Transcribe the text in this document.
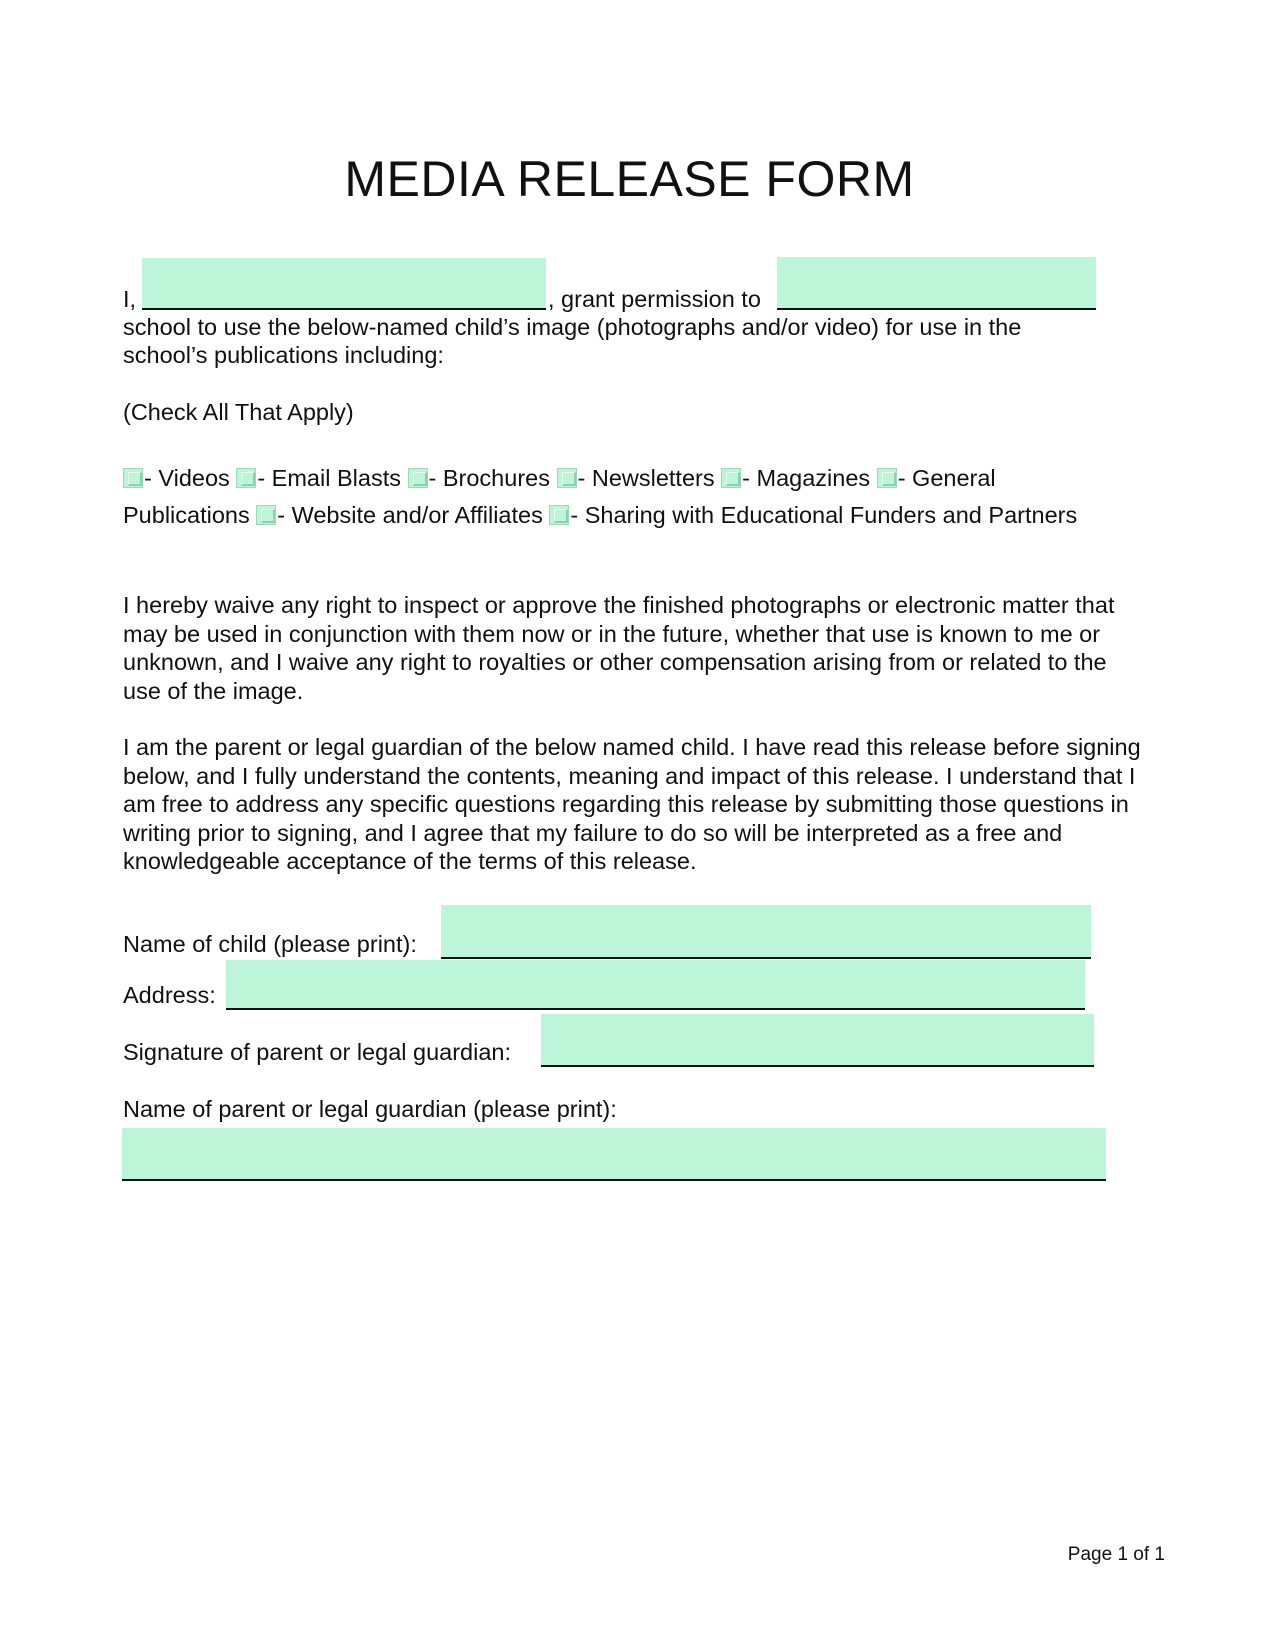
MEDIA RELEASE FORM
I,	, grant permission to
school to use the below-named child’s image (photographs and/or video) for use in the
school’s publications including:
(Check All That Apply)
- Videos - Email Blasts - Brochures - Newsletters - Magazines - General Publications - Website and/or Affiliates - Sharing with Educational Funders and Partners
I hereby waive any right to inspect or approve the finished photographs or electronic matter that may be used in conjunction with them now or in the future, whether that use is known to me or unknown, and I waive any right to royalties or other compensation arising from or related to the use of the image.
I am the parent or legal guardian of the below named child. I have read this release before signing below, and I fully understand the contents, meaning and impact of this release. I understand that I am free to address any specific questions regarding this release by submitting those questions in writing prior to signing, and I agree that my failure to do so will be interpreted as a free and knowledgeable acceptance of the terms of this release.
Name of child (please print):
Address:
Signature of parent or legal guardian:
Name of parent or legal guardian (please print):
Page 1 of 1
